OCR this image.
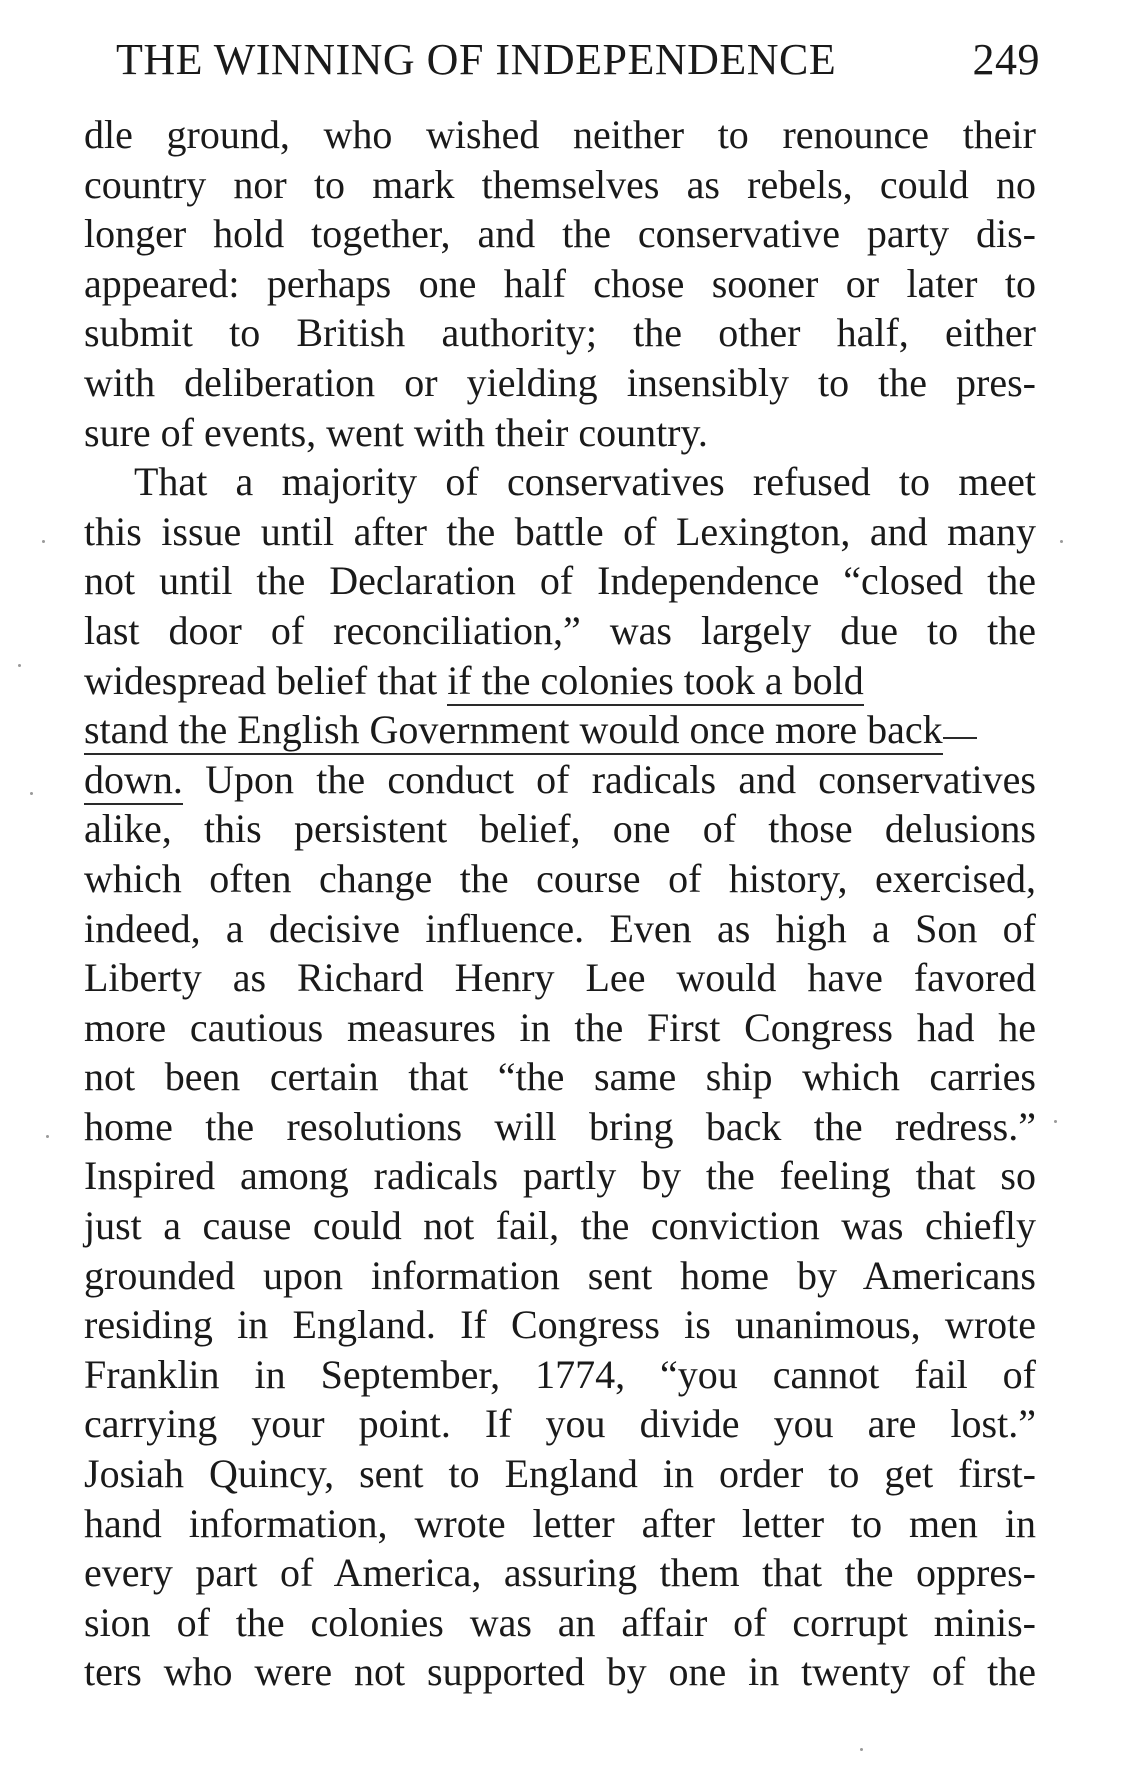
THE WINNING OF INDEPENDENCE	249
dle ground, who wished neither to renounce their
country nor to mark themselves as rebels, could no
longer hold together, and the conservative party dis-
appeared: perhaps one half chose sooner or later to
submit to British authority; the other half, either
with deliberation or yielding insensibly to the pres-
sure of events, went with their country.
That a majority of conservatives refused to meet
this issue until after the battle of Lexington, and many
not until the Declaration of Independence “closed the
last door of reconciliation,” was largely due to the
widespread belief that if the colonies took a bold
stand the English Government would once more back
down. Upon the conduct of radicals and conservatives
alike, this persistent belief, one of those delusions
which often change the course of history, exercised,
indeed, a decisive influence. Even as high a Son of
Liberty as Richard Henry Lee would have favored
more cautious measures in the First Congress had he
not been certain that “the same ship which carries
home the resolutions will bring back the redress.”
Inspired among radicals partly by the feeling that so
just a cause could not fail, the conviction was chiefly
grounded upon information sent home by Americans
residing in England. If Congress is unanimous, wrote
Franklin in September, 1774, “you cannot fail of
carrying your point. If you divide you are lost.”
Josiah Quincy, sent to England in order to get first-
hand information, wrote letter after letter to men in
every part of America, assuring them that the oppres-
sion of the colonies was an affair of corrupt minis-
ters who were not supported by one in twenty of the
